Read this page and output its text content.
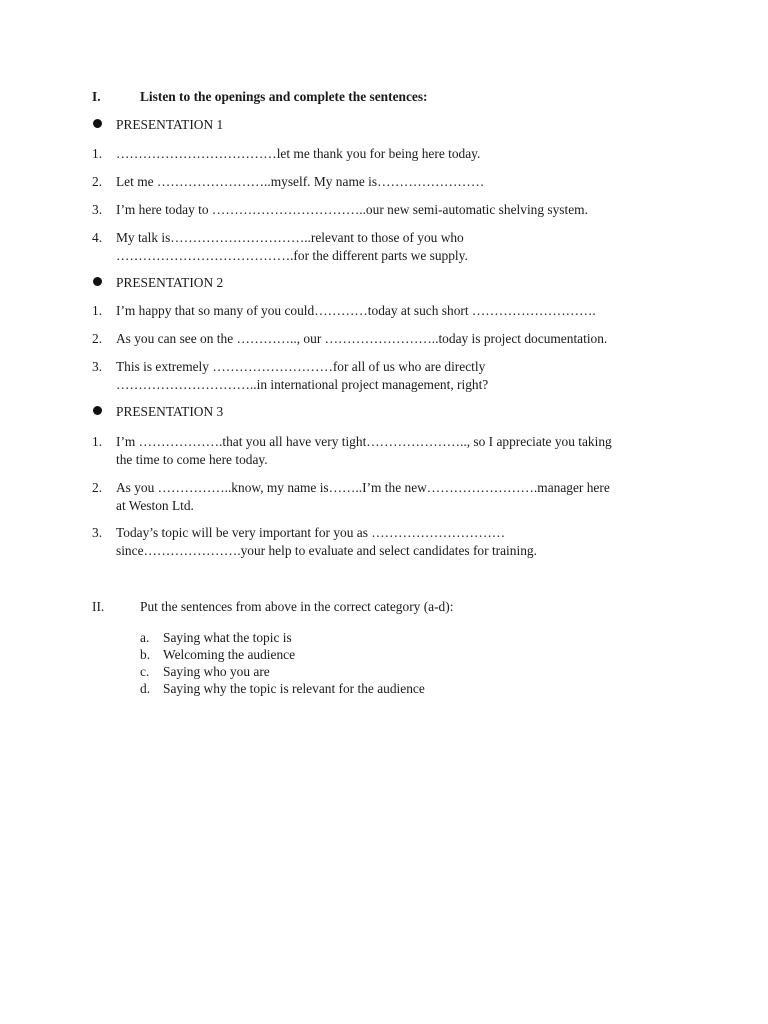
I.	Listen to the openings and complete the sentences:
PRESENTATION 1
1. ………………………………let me thank you for being here today.
2. Let me ……………………..myself. My name is……………………
3. I’m here today to ……………………………..our new semi-automatic shelving system.
4. My talk is…………………………..relevant to those of you who
………………………………….for the different parts we supply.
PRESENTATION 2
1. I’m happy that so many of you could…………today at such short ……………………….
2. As you can see on the ………….., our ……………………..today is project documentation.
3. This is extremely ………………………for all of us who are directly
…………………………..in international project management, right?
PRESENTATION 3
1. I’m ……………….that you all have very tight………………….., so I appreciate you taking
the time to come here today.
2. As you ……………..know, my name is……..I’m the new…………………….manager here
at Weston Ltd.
3. Today’s topic will be very important for you as …………………………
since………………….your help to evaluate and select candidates for training.
II.	Put the sentences from above in the correct category (a-d):
a. Saying what the topic is
b. Welcoming the audience
c. Saying who you are
d. Saying why the topic is relevant for the audience
